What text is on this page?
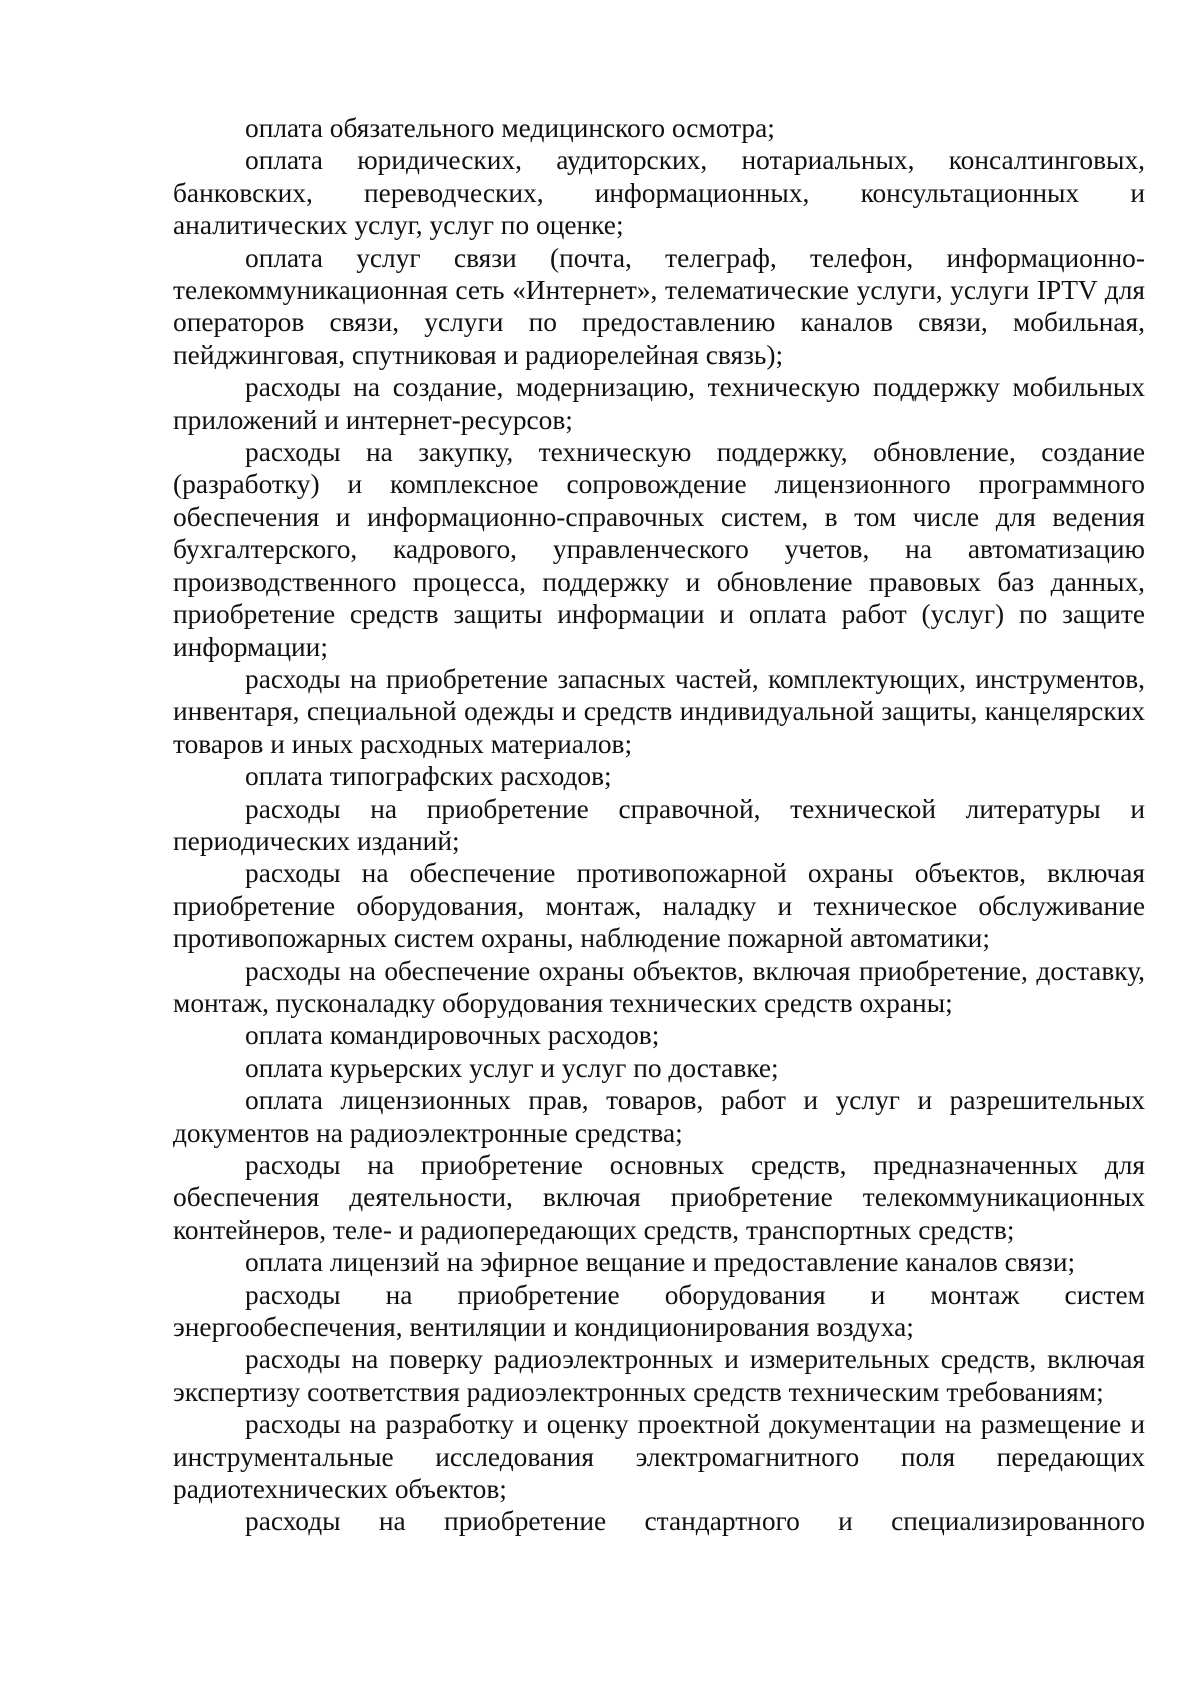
оплата обязательного медицинского осмотра;

оплата юридических, аудиторских, нотариальных, консалтинговых, банковских, переводческих, информационных, консультационных и аналитических услуг, услуг по оценке;

оплата услуг связи (почта, телеграф, телефон, информационно-телекоммуникационная сеть «Интернет», телематические услуги, услуги IPTV для операторов связи, услуги по предоставлению каналов связи, мобильная, пейджинговая, спутниковая и радиорелейная связь);

расходы на создание, модернизацию, техническую поддержку мобильных приложений и интернет-ресурсов;

расходы на закупку, техническую поддержку, обновление, создание (разработку) и комплексное сопровождение лицензионного программного обеспечения и информационно-справочных систем, в том числе для ведения бухгалтерского, кадрового, управленческого учетов, на автоматизацию производственного процесса, поддержку и обновление правовых баз данных, приобретение средств защиты информации и оплата работ (услуг) по защите информации;

расходы на приобретение запасных частей, комплектующих, инструментов, инвентаря, специальной одежды и средств индивидуальной защиты, канцелярских товаров и иных расходных материалов;

оплата типографских расходов;

расходы на приобретение справочной, технической литературы и периодических изданий;

расходы на обеспечение противопожарной охраны объектов, включая приобретение оборудования, монтаж, наладку и техническое обслуживание противопожарных систем охраны, наблюдение пожарной автоматики;

расходы на обеспечение охраны объектов, включая приобретение, доставку, монтаж, пусконаладку оборудования технических средств охраны;

оплата командировочных расходов;

оплата курьерских услуг и услуг по доставке;

оплата лицензионных прав, товаров, работ и услуг и разрешительных документов на радиоэлектронные средства;

расходы на приобретение основных средств, предназначенных для обеспечения деятельности, включая приобретение телекоммуникационных контейнеров, теле- и радиопередающих средств, транспортных средств;

оплата лицензий на эфирное вещание и предоставление каналов связи;

расходы на приобретение оборудования и монтаж систем энергообеспечения, вентиляции и кондиционирования воздуха;

расходы на поверку радиоэлектронных и измерительных средств, включая экспертизу соответствия радиоэлектронных средств техническим требованиям;

расходы на разработку и оценку проектной документации на размещение и инструментальные исследования электромагнитного поля передающих радиотехнических объектов;

расходы на приобретение стандартного и специализированного
